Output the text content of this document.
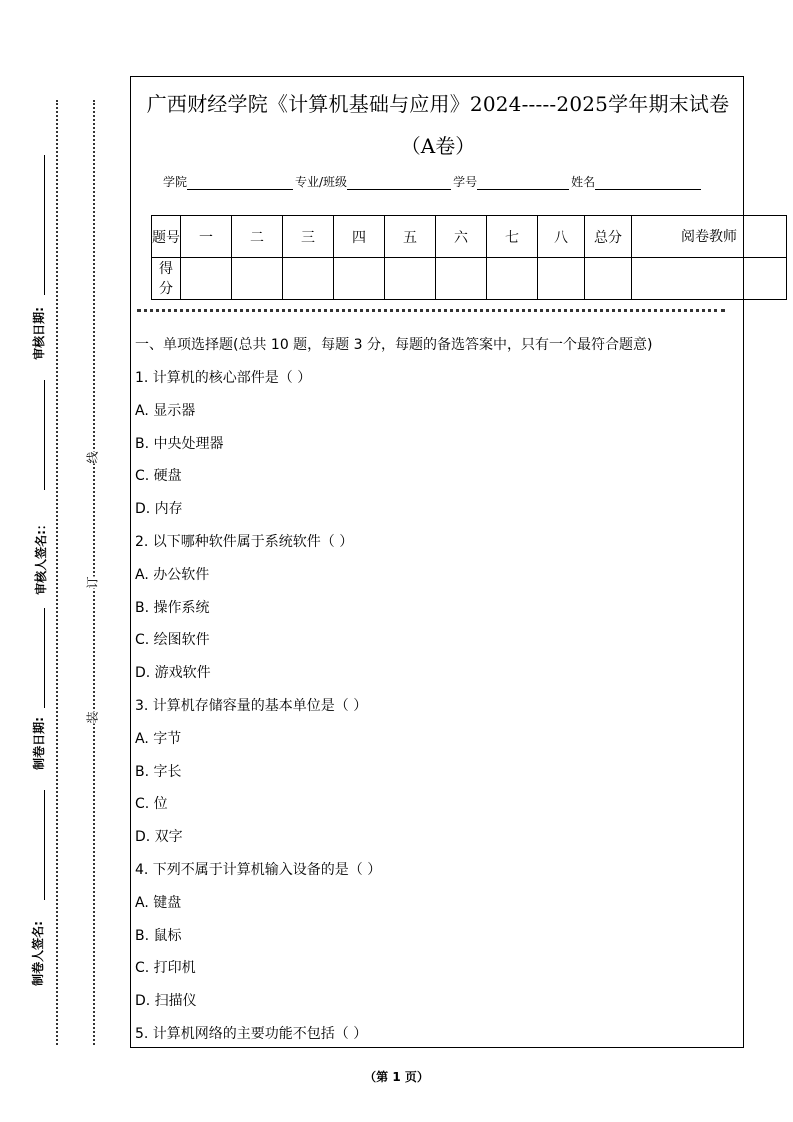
审核日期:
审核人签名:：
制卷日期:
制卷人签名:
线
订
装
广西财经学院《计算机基础与应用》2024-----2025学年期末试卷
（A卷）
学院	专业/班级	学号	姓名
题号	一	二	三	四	五	六	七	八	总分	阅卷教师
得分										
一、单项选择题(总共 10 题，每题 3 分，每题的备选答案中，只有一个最符合题意)
1. 计算机的核心部件是（ ）
A. 显示器
B. 中央处理器
C. 硬盘
D. 内存
2. 以下哪种软件属于系统软件（ ）
A. 办公软件
B. 操作系统
C. 绘图软件
D. 游戏软件
3. 计算机存储容量的基本单位是（ ）
A. 字节
B. 字长
C. 位
D. 双字
4. 下列不属于计算机输入设备的是（ ）
A. 键盘
B. 鼠标
C. 打印机
D. 扫描仪
5. 计算机网络的主要功能不包括（ ）
（第 1 页）
